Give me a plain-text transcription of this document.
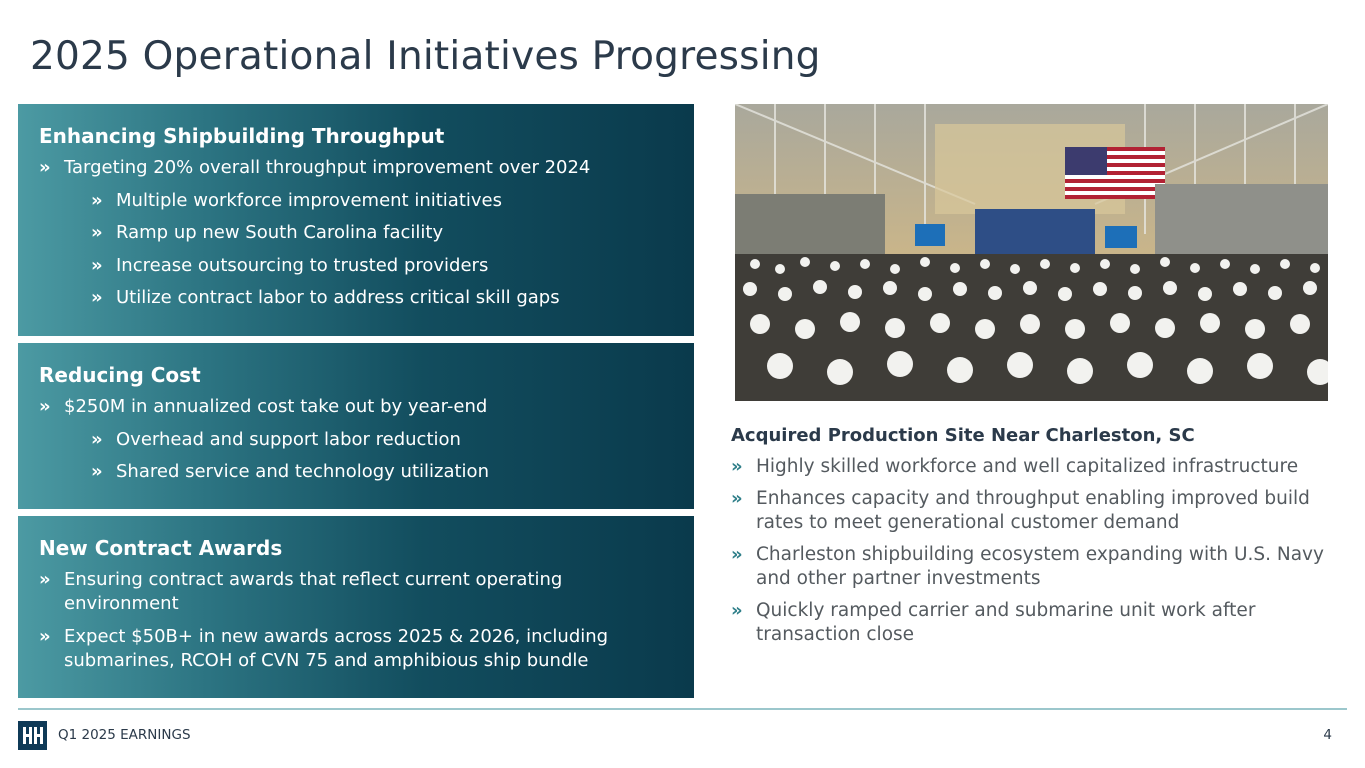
2025 Operational Initiatives Progressing
Enhancing Shipbuilding Throughput
» Targeting 20% overall throughput improvement over 2024
» Multiple workforce improvement initiatives
» Ramp up new South Carolina facility
» Increase outsourcing to trusted providers
» Utilize contract labor to address critical skill gaps
Reducing Cost
» $250M in annualized cost take out by year-end
» Overhead and support labor reduction
» Shared service and technology utilization
New Contract Awards
» Ensuring contract awards that reflect current operating environment
» Expect $50B+ in new awards across 2025 & 2026, including submarines, RCOH of CVN 75 and amphibious ship bundle
Acquired Production Site Near Charleston, SC
» Highly skilled workforce and well capitalized infrastructure
» Enhances capacity and throughput enabling improved build rates to meet generational customer demand
» Charleston shipbuilding ecosystem expanding with U.S. Navy and other partner investments
» Quickly ramped carrier and submarine unit work after transaction close
Q1 2025 EARNINGS	4
